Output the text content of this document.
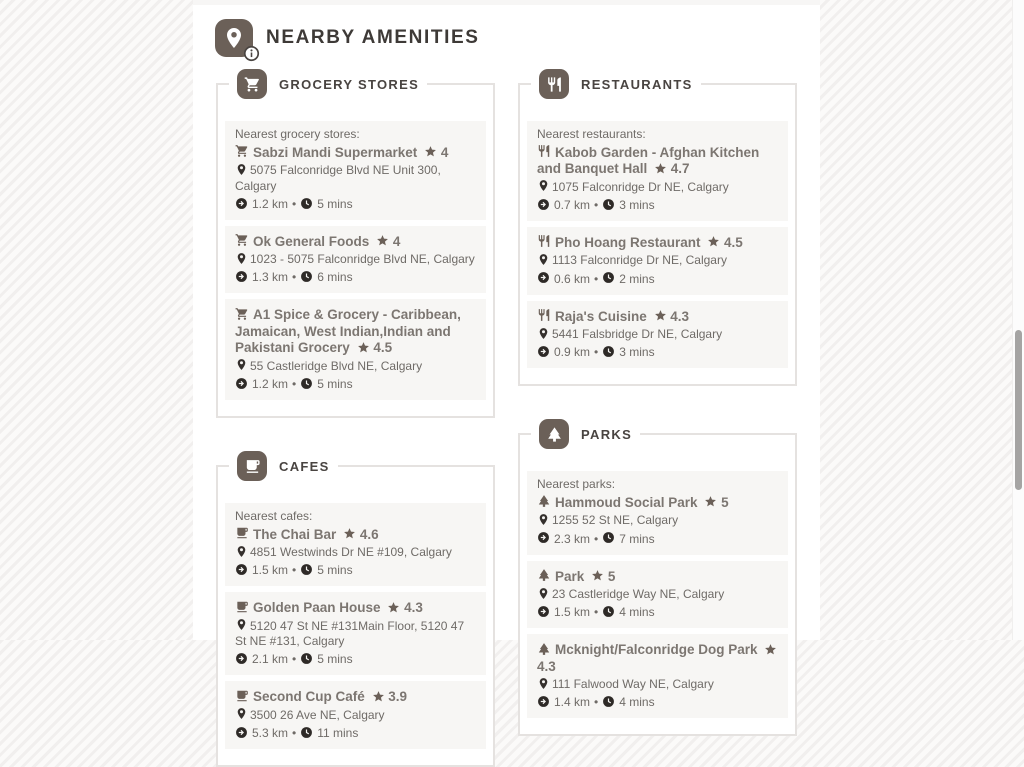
NEARBY AMENITIES
GROCERY STORES
Nearest grocery stores:
Sabzi Mandi Supermarket 4
5075 Falconridge Blvd NE Unit 300, Calgary
1.2 km • 5 mins
Ok General Foods 4
1023 - 5075 Falconridge Blvd NE, Calgary
1.3 km • 6 mins
A1 Spice & Grocery - Caribbean, Jamaican, West Indian,Indian and Pakistani Grocery 4.5
55 Castleridge Blvd NE, Calgary
1.2 km • 5 mins
CAFES
Nearest cafes:
The Chai Bar 4.6
4851 Westwinds Dr NE #109, Calgary
1.5 km • 5 mins
Golden Paan House 4.3
5120 47 St NE #131Main Floor, 5120 47 St NE #131, Calgary
2.1 km • 5 mins
Second Cup Café 3.9
3500 26 Ave NE, Calgary
5.3 km • 11 mins
RESTAURANTS
Nearest restaurants:
Kabob Garden - Afghan Kitchen and Banquet Hall 4.7
1075 Falconridge Dr NE, Calgary
0.7 km • 3 mins
Pho Hoang Restaurant 4.5
1113 Falconridge Dr NE, Calgary
0.6 km • 2 mins
Raja's Cuisine 4.3
5441 Falsbridge Dr NE, Calgary
0.9 km • 3 mins
PARKS
Nearest parks:
Hammoud Social Park 5
1255 52 St NE, Calgary
2.3 km • 7 mins
Park 5
23 Castleridge Way NE, Calgary
1.5 km • 4 mins
Mcknight/Falconridge Dog Park  4.3
111 Falwood Way NE, Calgary
1.4 km • 4 mins
